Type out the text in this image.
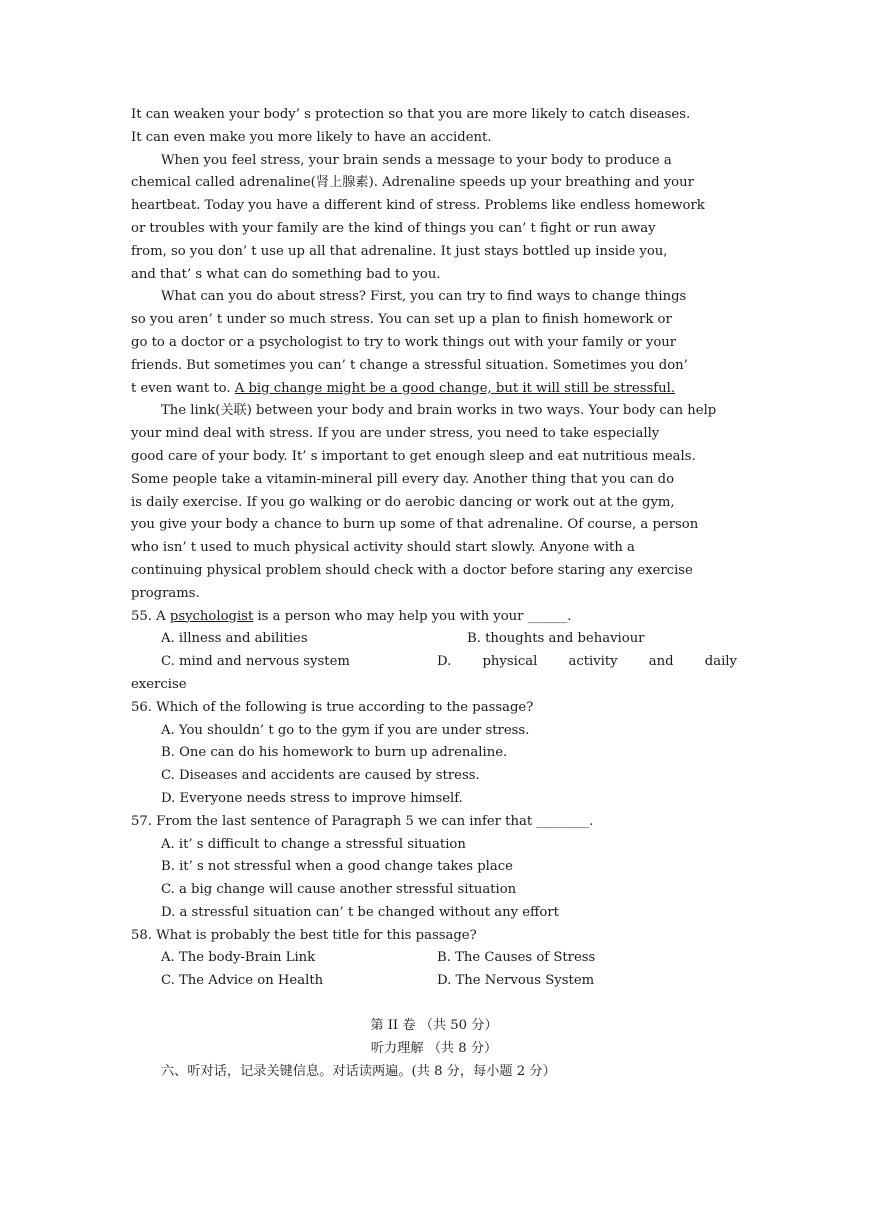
It can weaken your body’ s protection so that you are more likely to catch diseases.
It can even make you more likely to have an accident.
When you feel stress, your brain sends a message to your body to produce a
chemical called adrenaline(肾上腺素). Adrenaline speeds up your breathing and your
heartbeat. Today you have a different kind of stress. Problems like endless homework
or troubles with your family are the kind of things you can’ t fight or run away
from, so you don’ t use up all that adrenaline. It just stays bottled up inside you,
and that’ s what can do something bad to you.
What can you do about stress? First, you can try to find ways to change things
so you aren’ t under so much stress. You can set up a plan to finish homework or
go to a doctor or a psychologist to try to work things out with your family or your
friends. But sometimes you can’ t change a stressful situation. Sometimes you don’
t even want to. A big change might be a good change, but it will still be stressful.
The link(关联) between your body and brain works in two ways. Your body can help
your mind deal with stress. If you are under stress, you need to take especially
good care of your body. It’ s important to get enough sleep and eat nutritious meals.
Some people take a vitamin-mineral pill every day. Another thing that you can do
is daily exercise. If you go walking or do aerobic dancing or work out at the gym,
you give your body a chance to burn up some of that adrenaline. Of course, a person
who isn’ t used to much physical activity should start slowly. Anyone with a
continuing physical problem should check with a doctor before staring any exercise
programs.
55. A psychologist is a person who may help you with your ______.
A. illness and abilities	B. thoughts and behaviour
C. mind and nervous system	D. physical activity and daily
exercise
56. Which of the following is true according to the passage?
A. You shouldn’ t go to the gym if you are under stress.
B. One can do his homework to burn up adrenaline.
C. Diseases and accidents are caused by stress.
D. Everyone needs stress to improve himself.
57. From the last sentence of Paragraph 5 we can infer that ________.
A. it’ s difficult to change a stressful situation
B. it’ s not stressful when a good change takes place
C. a big change will cause another stressful situation
D. a stressful situation can’ t be changed without any effort
58. What is probably the best title for this passage?
A. The body-Brain Link	B. The Causes of Stress
C. The Advice on Health	D. The Nervous System
第 II 卷 （共 50 分）
听力理解 （共 8 分）
六、听对话，记录关键信息。对话读两遍。(共 8 分，每小题 2 分）
